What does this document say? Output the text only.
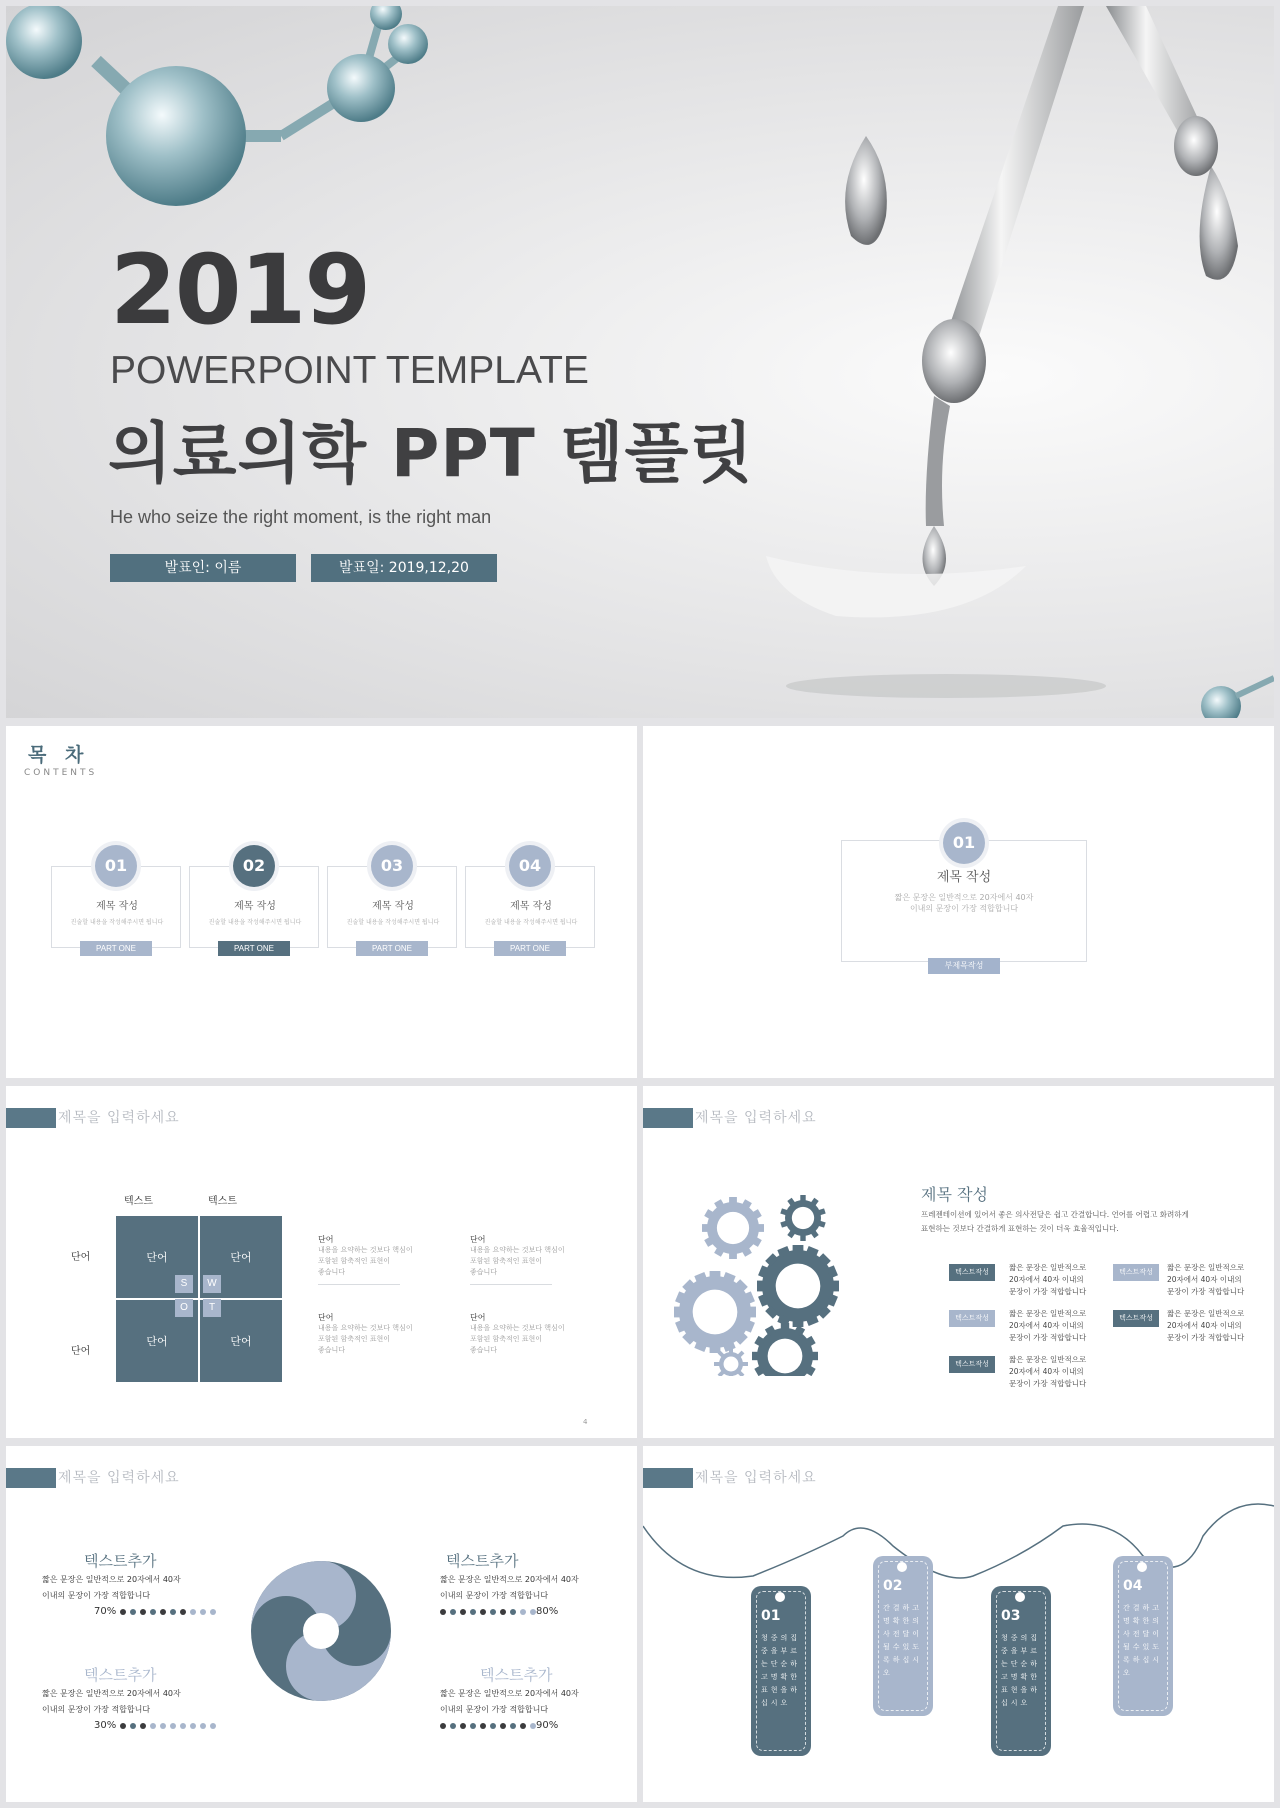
2019
POWERPOINT TEMPLATE
의료의학 PPT 템플릿
He who seize the right moment, is the right man
발표인: 이름	발표일: 2019,12,20
목 차
CONTENTS
제목 작성
진술할 내용을 작성해주시면 됩니다
01
PART ONE
제목 작성
진술할 내용을 작성해주시면 됩니다
02
PART ONE
제목 작성
진술할 내용을 작성해주시면 됩니다
03
PART ONE
제목 작성
진술할 내용을 작성해주시면 됩니다
04
PART ONE
01
제목 작성
짧은 문장은 일반적으로 20자에서 40자
이내의 문장이 가장 적합합니다
부제목작성
제목을 입력하세요
텍스트	텍스트
단어
단어
단어	단어
단어	단어
S	W
O	T
단어
내용을 요약하는 것보다 핵심이
포함된 함축적인 표현이
좋습니다
단어
내용을 요약하는 것보다 핵심이
포함된 함축적인 표현이
좋습니다
단어
내용을 요약하는 것보다 핵심이
포함된 함축적인 표현이
좋습니다
단어
내용을 요약하는 것보다 핵심이
포함된 함축적인 표현이
좋습니다
4
제목을 입력하세요
제목 작성
프레젠테이션에 있어서 좋은 의사전달은 쉽고 간결합니다. 언어를 어렵고 화려하게
표현하는 것보다 간결하게 표현하는 것이 더욱 효율적입니다.
텍스트작성	짧은 문장은 일반적으로
20자에서 40자 이내의
문장이 가장 적합합니다
텍스트작성	짧은 문장은 일반적으로
20자에서 40자 이내의
문장이 가장 적합합니다
텍스트작성	짧은 문장은 일반적으로
20자에서 40자 이내의
문장이 가장 적합합니다
텍스트작성	짧은 문장은 일반적으로
20자에서 40자 이내의
문장이 가장 적합합니다
텍스트작성	짧은 문장은 일반적으로
20자에서 40자 이내의
문장이 가장 적합합니다
제목을 입력하세요
텍스트추가
짧은 문장은 일반적으로 20자에서 40자
이내의 문장이 가장 적합합니다
70%
텍스트추가
짧은 문장은 일반적으로 20자에서 40자
이내의 문장이 가장 적합합니다
80%
텍스트추가
짧은 문장은 일반적으로 20자에서 40자
이내의 문장이 가장 적합합니다
30%
텍스트추가
짧은 문장은 일반적으로 20자에서 40자
이내의 문장이 가장 적합합니다
90%
제목을 입력하세요
01
청중의집중을부르는단순하고명확한표현을하십시오
02
간결하고명확한의사전달이될수있도록하십시오
03
청중의집중을부르는단순하고명확한표현을하십시오
04
간결하고명확한의사전달이될수있도록하십시오
